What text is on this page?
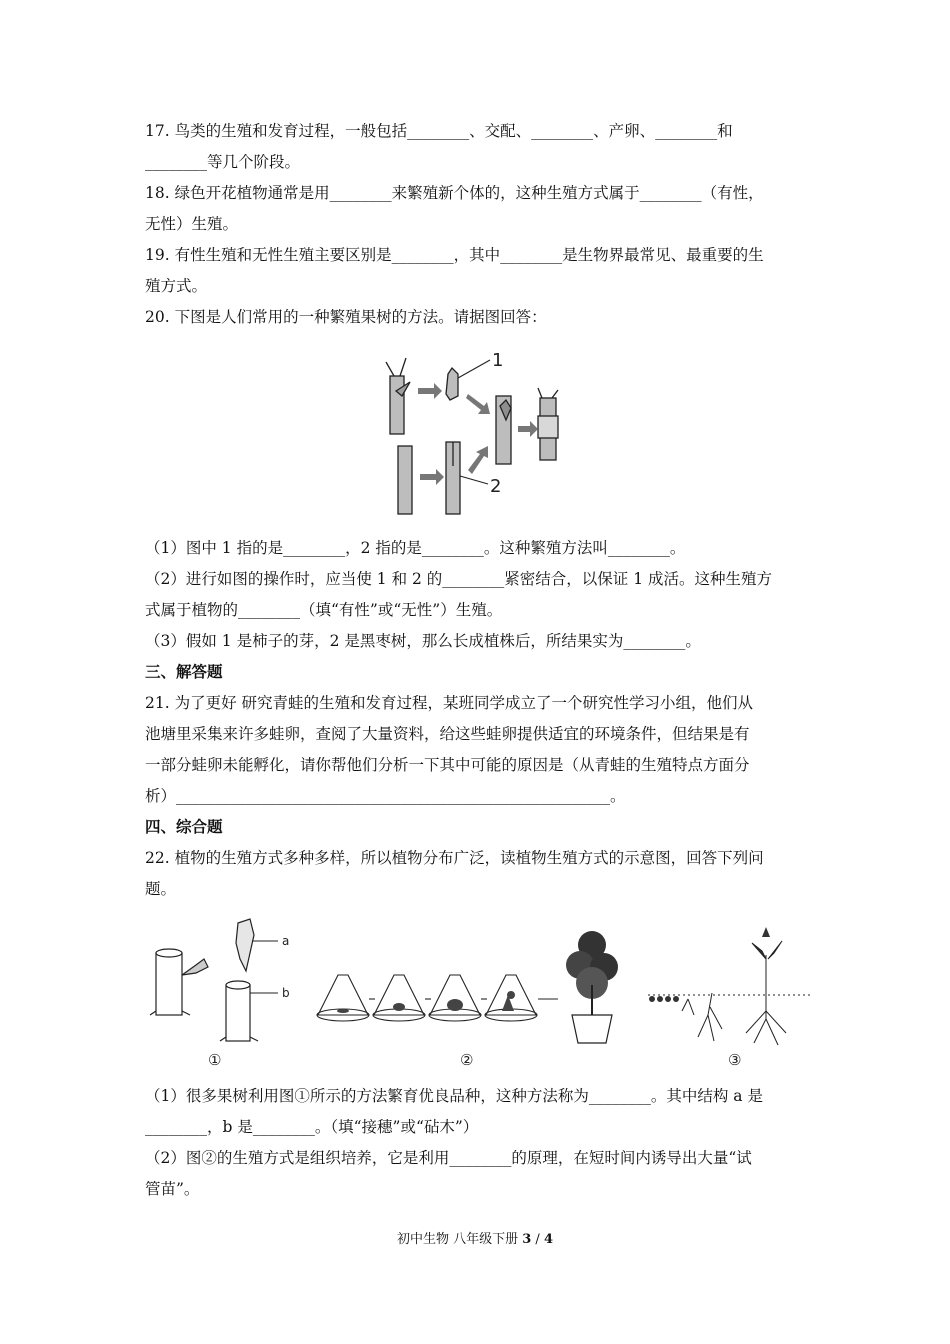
17. 鸟类的生殖和发育过程，一般包括________、交配、________、产卵、________和
________等几个阶段。
18. 绿色开花植物通常是用________来繁殖新个体的，这种生殖方式属于________（有性，
无性）生殖。
19. 有性生殖和无性生殖主要区别是________，其中________是生物界最常见、最重要的生
殖方式。
20. 下图是人们常用的一种繁殖果树的方法。请据图回答：
1
2
（1）图中 1 指的是________，2 指的是________。这种繁殖方法叫________。
（2）进行如图的操作时，应当使 1 和 2 的________紧密结合，以保证 1 成活。这种生殖方
式属于植物的________（填“有性”或“无性”）生殖。
（3）假如 1 是柿子的芽，2 是黑枣树，那么长成植株后，所结果实为________。
三、解答题
21. 为了更好 研究青蛙的生殖和发育过程，某班同学成立了一个研究性学习小组，他们从
池塘里采集来许多蛙卵，查阅了大量资料，给这些蛙卵提供适宜的环境条件，但结果是有
一部分蛙卵未能孵化，请你帮他们分析一下其中可能的原因是（从青蛙的生殖特点方面分
析）________________________________________________________。
四、综合题
22. 植物的生殖方式多种多样，所以植物分布广泛，读植物生殖方式的示意图，回答下列问
题。
a
b
①	②	③
（1）很多果树利用图①所示的方法繁育优良品种，这种方法称为________。其中结构 a 是
________，b 是________。（填“接穗”或“砧木”）
（2）图②的生殖方式是组织培养，它是利用________的原理，在短时间内诱导出大量“试
管苗”。
初中生物 八年级下册 3 / 4
